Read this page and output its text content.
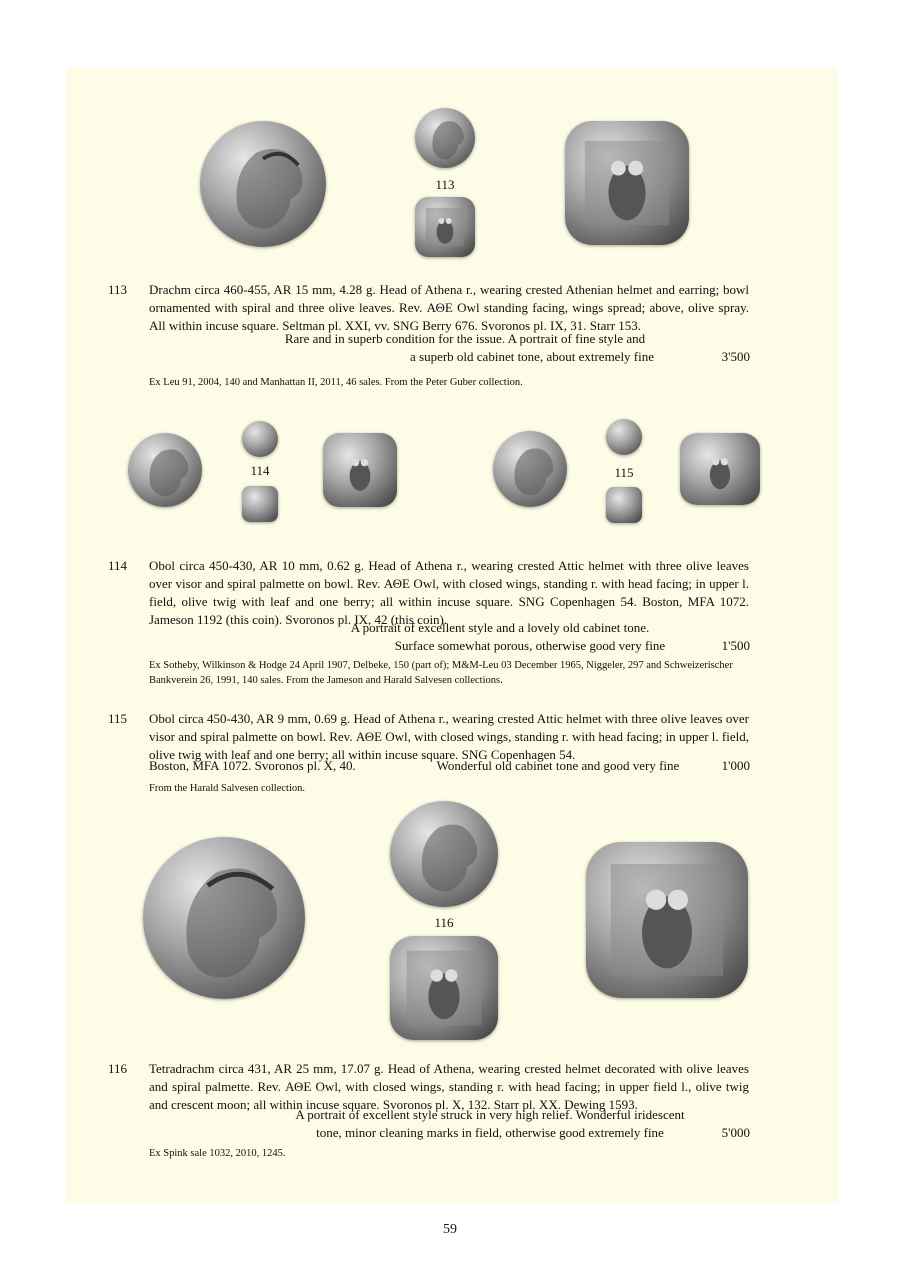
113
113 Drachm circa 460-455, AR 15 mm, 4.28 g. Head of Athena r., wearing crested Athenian helmet and earring; bowl ornamented with spiral and three olive leaves. Rev. ΑΘΕ Owl standing facing, wings spread; above, olive spray. All within incuse square. Seltman pl. XXI, vv. SNG Berry 676. Svoronos pl. IX, 31. Starr 153.

Rare and in superb condition for the issue. A portrait of fine style and
a superb old cabinet tone, about extremely fine	3'500
Ex Leu 91, 2004, 140 and Manhattan II, 2011, 46 sales. From the Peter Guber collection.
114	115
114 Obol circa 450-430, AR 10 mm, 0.62 g. Head of Athena r., wearing crested Attic helmet with three olive leaves over visor and spiral palmette on bowl. Rev. ΑΘΕ Owl, with closed wings, standing r. with head facing; in upper l. field, olive twig with leaf and one berry; all within incuse square. SNG Copenhagen 54. Boston, MFA 1072. Jameson 1192 (this coin). Svoronos pl. IX, 42 (this coin).

A portrait of excellent style and a lovely old cabinet tone.
Surface somewhat porous, otherwise good very fine	1'500
Ex Sotheby, Wilkinson & Hodge 24 April 1907, Delbeke, 150 (part of); M&M-Leu 03 December 1965, Niggeler, 297 and Schweizerischer Bankverein 26, 1991, 140 sales. From the Jameson and Harald Salvesen collections.
115 Obol circa 450-430, AR 9 mm, 0.69 g. Head of Athena r., wearing crested Attic helmet with three olive leaves over visor and spiral palmette on bowl. Rev. ΑΘΕ Owl, with closed wings, standing r. with head facing; in upper l. field, olive twig with leaf and one berry; all within incuse square. SNG Copenhagen 54.

Boston, MFA 1072. Svoronos pl. X, 40.	Wonderful old cabinet tone and good very fine	1'000
From the Harald Salvesen collection.
116
116 Tetradrachm circa 431, AR 25 mm, 17.07 g. Head of Athena, wearing crested helmet decorated with olive leaves and spiral palmette. Rev. ΑΘΕ Owl, with closed wings, standing r. with head facing; in upper field l., olive twig and crescent moon; all within incuse square. Svoronos pl. X, 132. Starr pl. XX. Dewing 1593.

A portrait of excellent style struck in very high relief. Wonderful iridescent
tone, minor cleaning marks in field, otherwise good extremely fine	5'000
Ex Spink sale 1032, 2010, 1245.
59
